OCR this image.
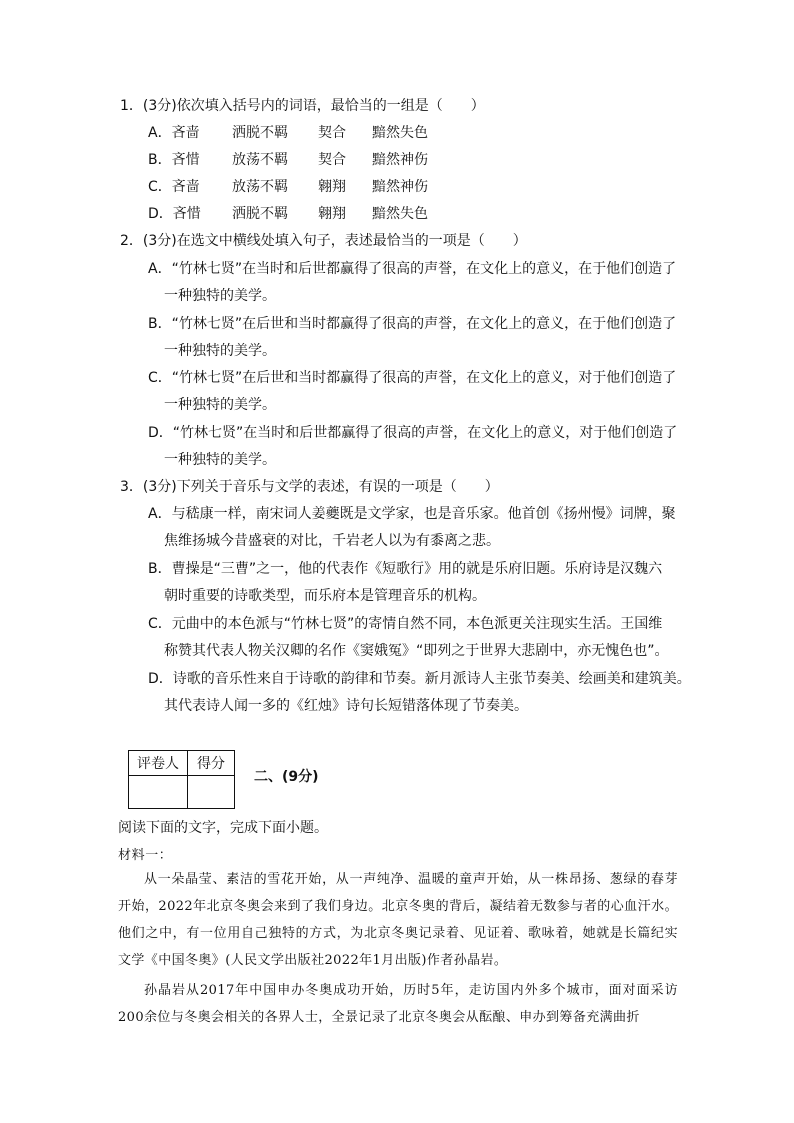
1．(3分)依次填入括号内的词语，最恰当的一组是（　　）
A．吝啬 洒脱不羁 契合 黯然失色
B．吝惜 放荡不羁 契合 黯然神伤
C．吝啬 放荡不羁 翱翔 黯然神伤
D．吝惜 洒脱不羁 翱翔 黯然失色
2．(3分)在选文中横线处填入句子，表述最恰当的一项是（　　）
A．“竹林七贤”在当时和后世都赢得了很高的声誉，在文化上的意义，在于他们创造了
一种独特的美学。
B．“竹林七贤”在后世和当时都赢得了很高的声誉，在文化上的意义，在于他们创造了
一种独特的美学。
C．“竹林七贤”在后世和当时都赢得了很高的声誉，在文化上的意义，对于他们创造了
一种独特的美学。
D．“竹林七贤”在当时和后世都赢得了很高的声誉，在文化上的意义，对于他们创造了
一种独特的美学。
3．(3分)下列关于音乐与文学的表述，有误的一项是（　　）
A．与嵇康一样，南宋词人姜夔既是文学家，也是音乐家。他首创《扬州慢》词牌，聚
焦维扬城今昔盛衰的对比，千岩老人以为有黍离之悲。
B．曹操是“三曹”之一，他的代表作《短歌行》用的就是乐府旧题。乐府诗是汉魏六
朝时重要的诗歌类型，而乐府本是管理音乐的机构。
C．元曲中的本色派与“竹林七贤”的寄情自然不同，本色派更关注现实生活。王国维
称赞其代表人物关汉卿的名作《窦娥冤》“即列之于世界大悲剧中，亦无愧色也”。
D．诗歌的音乐性来自于诗歌的韵律和节奏。新月派诗人主张节奏美、绘画美和建筑美。
其代表诗人闻一多的《红烛》诗句长短错落体现了节奏美。
评卷人	得分

二、(9分)
阅读下面的文字，完成下面小题。
材料一：
从一朵晶莹、素洁的雪花开始，从一声纯净、温暖的童声开始，从一株昂扬、葱绿的春芽开始，2022年北京冬奥会来到了我们身边。北京冬奥的背后，凝结着无数参与者的心血汗水。他们之中，有一位用自己独特的方式，为北京冬奥记录着、见证着、歌咏着，她就是长篇纪实文学《中国冬奥》(人民文学出版社2022年1月出版)作者孙晶岩。
孙晶岩从2017年中国申办冬奥成功开始，历时5年，走访国内外多个城市，面对面采访200余位与冬奥会相关的各界人士，全景记录了北京冬奥会从酝酿、申办到筹备充满曲折
